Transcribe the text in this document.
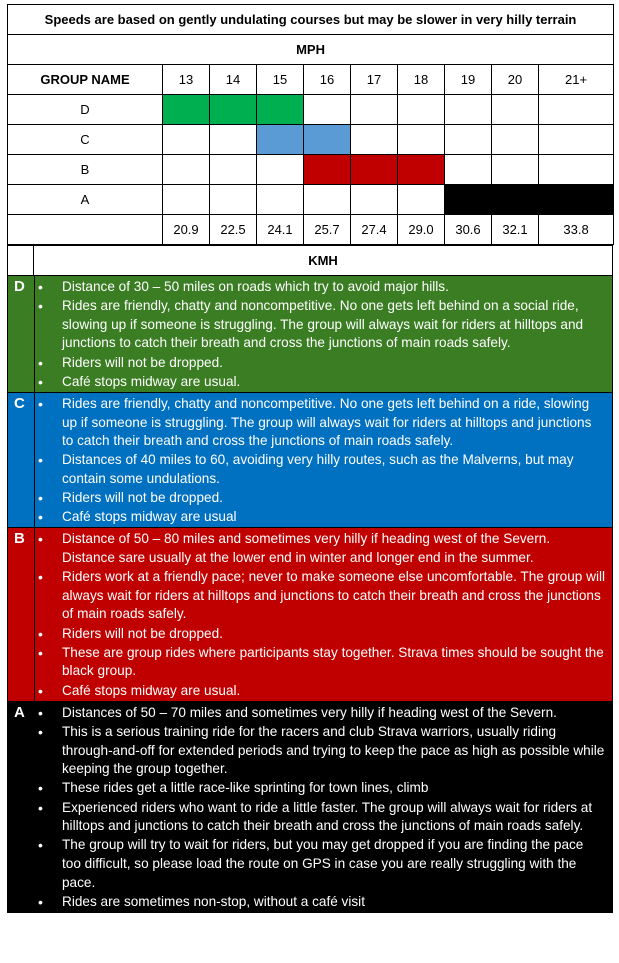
Speeds are based on gently undulating courses but may be slower in very hilly terrain									
MPH									
GROUP NAME	13	14	15	16	17	18	19	20	21+
D									
C									
B									
A									
	20.9	22.5	24.1	25.7	27.4	29.0	30.6	32.1	33.8
	KMH
D	• Distance of 30 – 50 miles on roads which try to avoid major hills.
• Rides are friendly, chatty and noncompetitive. No one gets left behind on a social ride, slowing up if someone is struggling. The group will always wait for riders at hilltops and junctions to catch their breath and cross the junctions of main roads safely.
• Riders will not be dropped.
• Café stops midway are usual.
C	• Rides are friendly, chatty and noncompetitive. No one gets left behind on a ride, slowing up if someone is struggling. The group will always wait for riders at hilltops and junctions to catch their breath and cross the junctions of main roads safely.
• Distances of 40 miles to 60, avoiding very hilly routes, such as the Malverns, but may contain some undulations.
• Riders will not be dropped.
• Café stops midway are usual
B	• Distance of 50 – 80 miles and sometimes very hilly if heading west of the Severn. Distance sare usually at the lower end in winter and longer end in the summer.
• Riders work at a friendly pace; never to make someone else uncomfortable. The group will always wait for riders at hilltops and junctions to catch their breath and cross the junctions of main roads safely.
• Riders will not be dropped.
• These are group rides where participants stay together. Strava times should be sought the black group.
• Café stops midway are usual.
A	• Distances of 50 – 70 miles and sometimes very hilly if heading west of the Severn.
• This is a serious training ride for the racers and club Strava warriors, usually riding through-and-off for extended periods and trying to keep the pace as high as possible while keeping the group together.
• These rides get a little race-like sprinting for town lines, climb
• Experienced riders who want to ride a little faster. The group will always wait for riders at hilltops and junctions to catch their breath and cross the junctions of main roads safely.
• The group will try to wait for riders, but you may get dropped if you are finding the pace too difficult, so please load the route on GPS in case you are really struggling with the pace.
• Rides are sometimes non-stop, without a café visit
